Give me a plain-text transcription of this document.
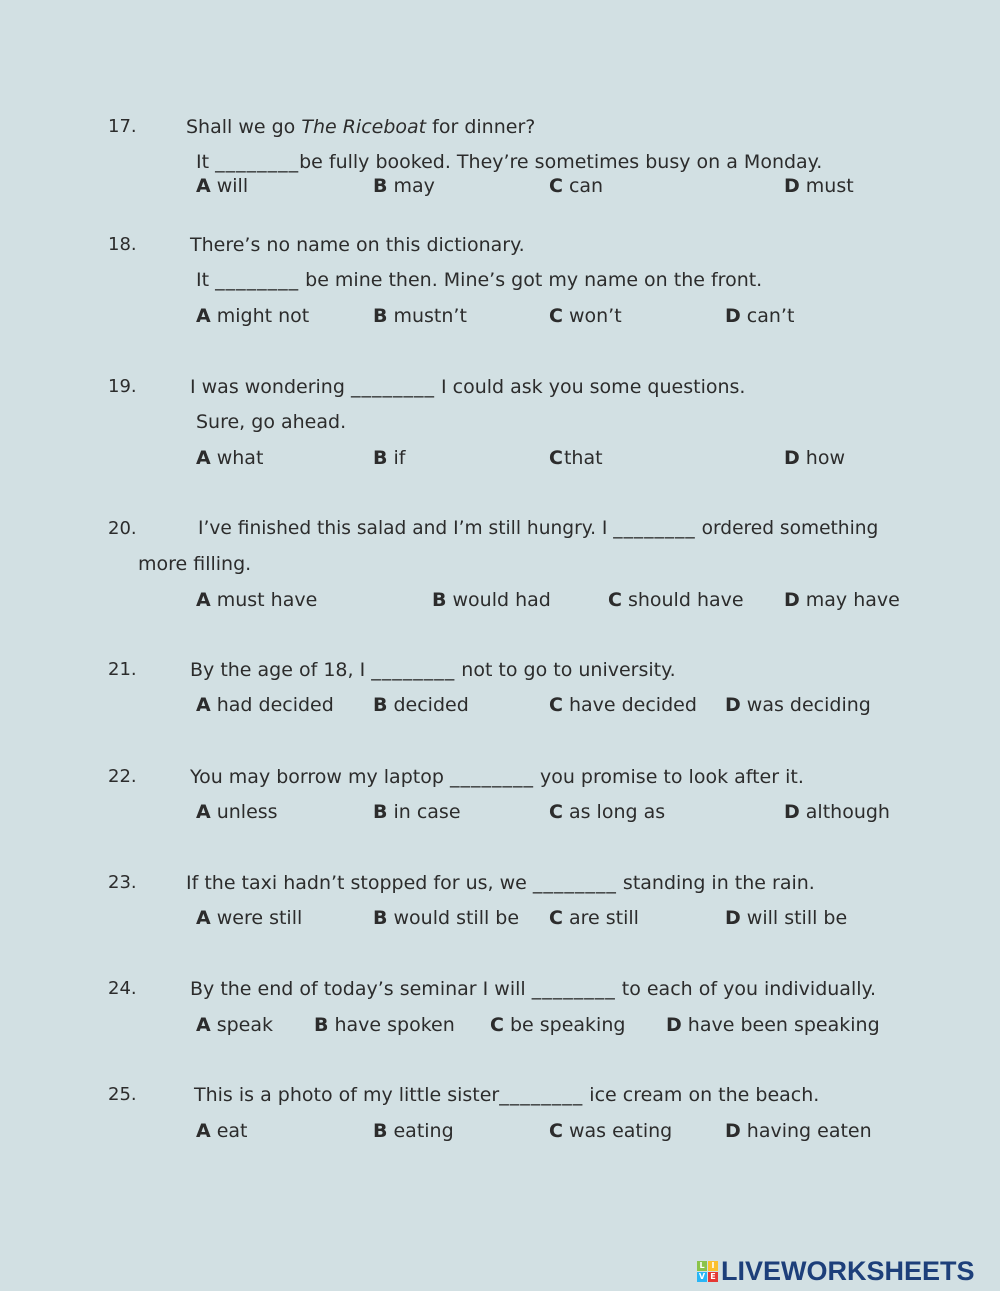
17.	Shall we go The Riceboat for dinner?
It ________be fully booked. They’re sometimes busy on a Monday.
A will	B may	C can	D must
18.	There’s no name on this dictionary.
It ________ be mine then. Mine’s got my name on the front.
A might not	B mustn’t	C won’t	D can’t
19.	I was wondering ________ I could ask you some questions.
Sure, go ahead.
A what	B if	Cthat	D how
20.	I’ve finished this salad and I’m still hungry. I ________ ordered something
more filling.
A must have	B would had	C should have D may have
21.	By the age of 18, I ________ not to go to university.
A had decided B decided	C have decided D was deciding
22.	You may borrow my laptop ________ you promise to look after it.
A unless	B in case	C as long as	D although
23.	If the taxi hadn’t stopped for us, we ________ standing in the rain.
A were still	B would still be C are still	D will still be
24.	By the end of today’s seminar I will ________ to each of you individually.
A speak B have spoken C be speaking D have been speaking
25.	This is a photo of my little sister________ ice cream on the beach.
A eat	B eating	C was eating	D having eaten
L I
V E LIVEWORKSHEETS
